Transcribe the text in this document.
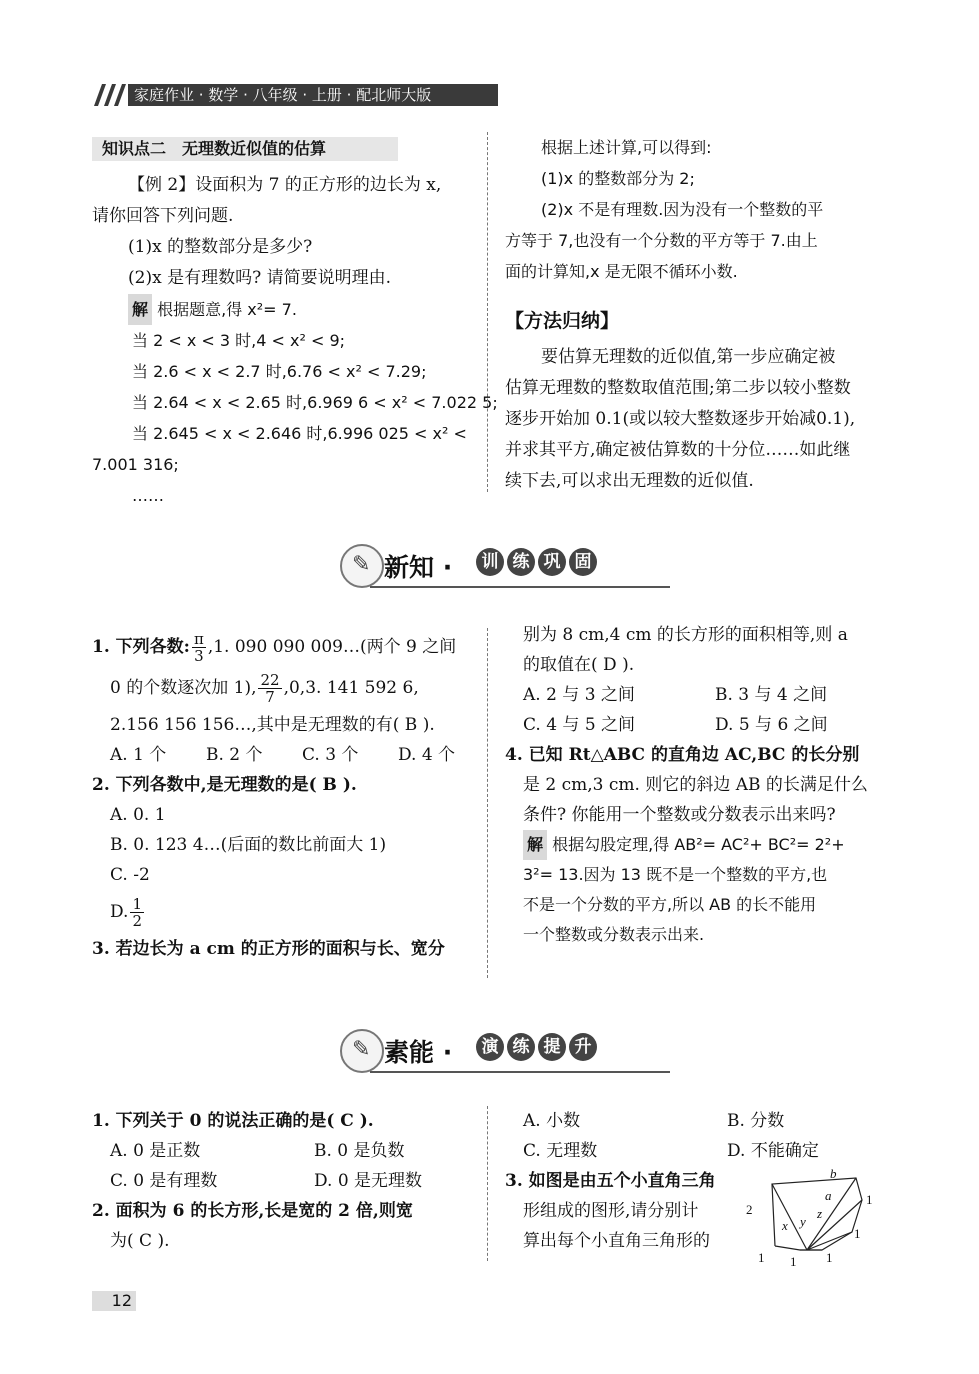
家庭作业 · 数学 · 八年级 · 上册 · 配北师大版
知识点二　无理数近似值的估算
【例 2】设面积为 7 的正方形的边长为 x,
请你回答下列问题.
(1)x 的整数部分是多少?
(2)x 是有理数吗? 请简要说明理由.
解 根据题意,得 x²= 7.
当 2 < x < 3 时,4 < x² < 9;
当 2.6 < x < 2.7 时,6.76 < x² < 7.29;
当 2.64 < x < 2.65 时,6.969 6 < x² < 7.022 5;
当 2.645 < x < 2.646 时,6.996 025 < x² <
7.001 316;
……
根据上述计算,可以得到:
(1)x 的整数部分为 2;
(2)x 不是有理数.因为没有一个整数的平
方等于 7,也没有一个分数的平方等于 7.由上
面的计算知,x 是无限不循环小数.
【方法归纳】
要估算无理数的近似值,第一步应确定被
估算无理数的整数取值范围;第二步以较小整数
逐步开始加 0.1(或以较大整数逐步开始减0.1),
并求其平方,确定被估算数的十分位……如此继
续下去,可以求出无理数的近似值.
✎
新知 ·	训 练 巩 固
1. 下列各数: $\frac{\pi}{3} ,1$. 090 090 009…(两个 9 之间
0 的个数逐次加 1), $\frac{22}{7} ,0,3$. 141 592 6,
2.156 156 156…,其中是无理数的有( B ).
A. 1 个 B. 2 个 C. 3 个 D. 4 个
2. 下列各数中,是无理数的是( B ).
A. 0. 1
B. 0. 123 4…(后面的数比前面大 1)
C. -2
D. $\frac{1}{2}$
3. 若边长为 a cm 的正方形的面积与长、宽分
别为 8 cm,4 cm 的长方形的面积相等,则 a
的取值在( D ).
A. 2 与 3 之间	B. 3 与 4 之间
C. 4 与 5 之间	D. 5 与 6 之间
4. 已知 Rt△ABC 的直角边 AC,BC 的长分别
是 2 cm,3 cm. 则它的斜边 AB 的长满足什么
条件? 你能用一个整数或分数表示出来吗?
解 根据勾股定理,得 AB²= AC²+ BC²= 2²+
3²= 13.因为 13 既不是一个整数的平方,也
不是一个分数的平方,所以 AB 的长不能用
一个整数或分数表示出来.
✎
素能 ·	演 练 提 升
1. 下列关于 0 的说法正确的是( C ).
A. 0 是正数	B. 0 是负数
C. 0 是有理数	D. 0 是无理数
2. 面积为 6 的长方形,长是宽的 2 倍,则宽
为( C ).
A. 小数	B. 分数
C. 无理数	D. 不能确定
3. 如图是由五个小直角三角
形组成的图形,请分别计
算出每个小直角三角形的
b
a
z
y
x
2
1
1
1
1
1
12
